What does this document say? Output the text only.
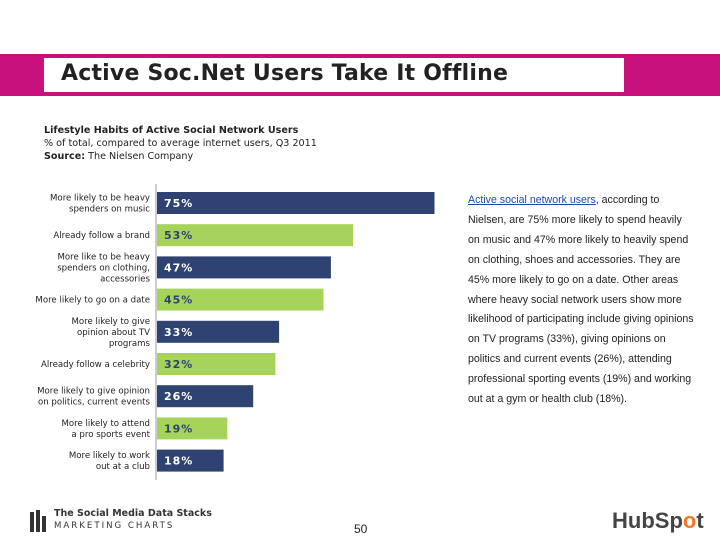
Active Soc.Net Users Take It Offline
Lifestyle Habits of Active Social Network Users
% of total, compared to average internet users, Q3 2011
Source: The Nielsen Company
75%
More likely to be heavy spenders on music
53%
Already follow a brand
47%
More like to be heavy spenders on clothing, accessories
45%
More likely to go on a date
33%
More likely to give opinion about TV programs
32%
Already follow a celebrity
26%
More likely to give opinion on politics, current events
19%
More likely to attend a pro sports event
18%
More likely to work out at a club
Active social network users, according to Nielsen, are 75% more likely to spend heavily on music and 47% more likely to heavily spend on clothing, shoes and accessories. They are 45% more likely to go on a date. Other areas where heavy social network users show more likelihood of participating include giving opinions on TV programs (33%), giving opinions on politics and current events (26%), attending professional sporting events (19%) and working out at a gym or health club (18%).
The Social Media Data Stacks
MARKETING CHARTS	50	HubSpot
